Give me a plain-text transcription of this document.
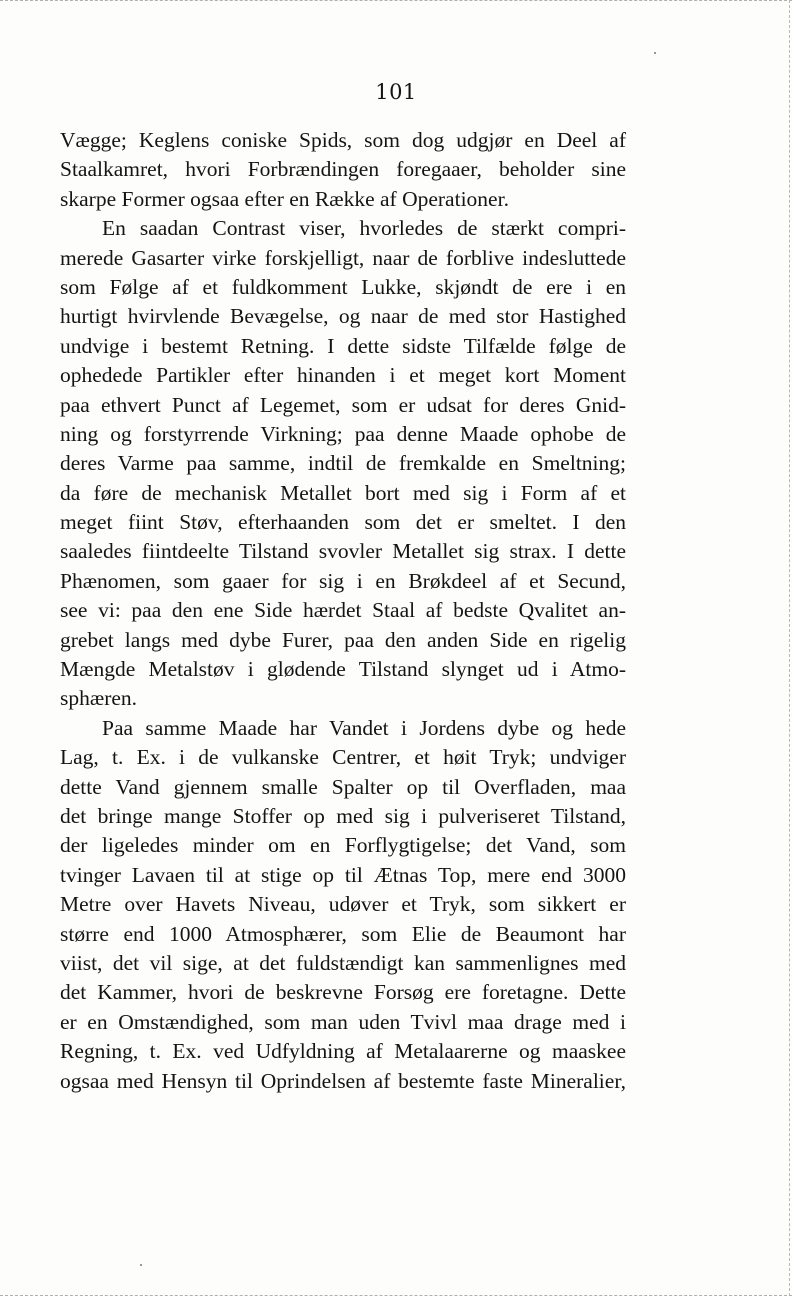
101
Vægge; Keglens coniske Spids, som dog udgjør en Deel af
Staalkamret, hvori Forbrændingen foregaaer, beholder sine
skarpe Former ogsaa efter en Række af Operationer.
En saadan Contrast viser, hvorledes de stærkt compri-
merede Gasarter virke forskjelligt, naar de forblive indesluttede
som Følge af et fuldkomment Lukke, skjøndt de ere i en
hurtigt hvirvlende Bevægelse, og naar de med stor Hastighed
undvige i bestemt Retning. I dette sidste Tilfælde følge de
ophedede Partikler efter hinanden i et meget kort Moment
paa ethvert Punct af Legemet, som er udsat for deres Gnid-
ning og forstyrrende Virkning; paa denne Maade ophobe de
deres Varme paa samme, indtil de fremkalde en Smeltning;
da føre de mechanisk Metallet bort med sig i Form af et
meget fiint Støv, efterhaanden som det er smeltet. I den
saaledes fiintdeelte Tilstand svovler Metallet sig strax. I dette
Phænomen, som gaaer for sig i en Brøkdeel af et Secund,
see vi: paa den ene Side hærdet Staal af bedste Qvalitet an-
grebet langs med dybe Furer, paa den anden Side en rigelig
Mængde Metalstøv i glødende Tilstand slynget ud i Atmo-
sphæren.
Paa samme Maade har Vandet i Jordens dybe og hede
Lag, t. Ex. i de vulkanske Centrer, et høit Tryk; undviger
dette Vand gjennem smalle Spalter op til Overfladen, maa
det bringe mange Stoffer op med sig i pulveriseret Tilstand,
der ligeledes minder om en Forflygtigelse; det Vand, som
tvinger Lavaen til at stige op til Ætnas Top, mere end 3000
Metre over Havets Niveau, udøver et Tryk, som sikkert er
større end 1000 Atmosphærer, som Elie de Beaumont har
viist, det vil sige, at det fuldstændigt kan sammenlignes med
det Kammer, hvori de beskrevne Forsøg ere foretagne. Dette
er en Omstændighed, som man uden Tvivl maa drage med i
Regning, t. Ex. ved Udfyldning af Metalaarerne og maaskee
ogsaa med Hensyn til Oprindelsen af bestemte faste Mineralier,
